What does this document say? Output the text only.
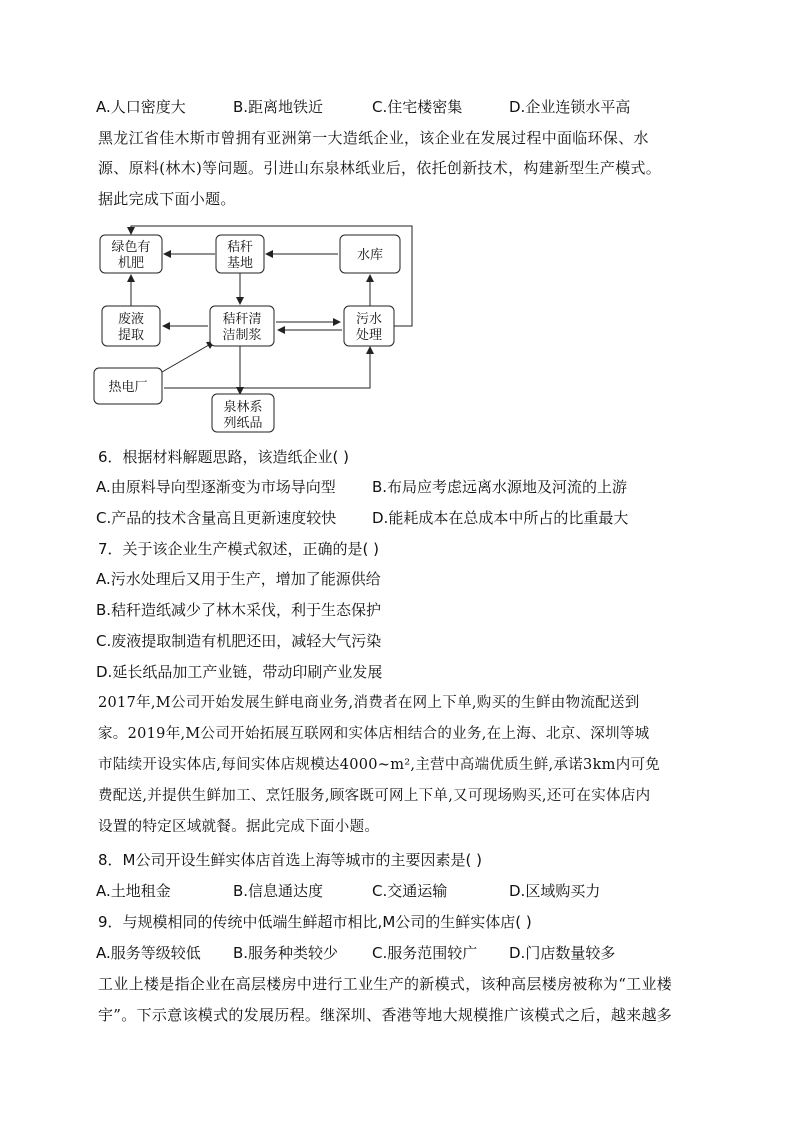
A.人口密度大	B.距离地铁近	C.住宅楼密集	D.企业连锁水平高
黑龙江省佳木斯市曾拥有亚洲第一大造纸企业，该企业在发展过程中面临环保、水
源、原料(林木)等问题。引进山东泉林纸业后，依托创新技术，构建新型生产模式。
据此完成下面小题。
绿色有
机肥
秸秆
基地
水库
废液
提取
秸秆清
洁制浆
污水
处理
热电厂
泉林系
列纸品
6．根据材料解题思路，该造纸企业( )
A.由原料导向型逐渐变为市场导向型 B.布局应考虑远离水源地及河流的上游
C.产品的技术含量高且更新速度较快 D.能耗成本在总成本中所占的比重最大
7．关于该企业生产模式叙述，正确的是( )
A.污水处理后又用于生产，增加了能源供给
B.秸秆造纸减少了林木采伐，利于生态保护
C.废液提取制造有机肥还田，减轻大气污染
D.延长纸品加工产业链，带动印刷产业发展
2017年,M公司开始发展生鲜电商业务,消费者在网上下单,购买的生鲜由物流配送到
家。2019年,M公司开始拓展互联网和实体店相结合的业务,在上海、北京、深圳等城
市陆续开设实体店,每间实体店规模达4000~m²,主营中高端优质生鲜,承诺3km内可免
费配送,并提供生鲜加工、烹饪服务,顾客既可网上下单,又可现场购买,还可在实体店内
设置的特定区域就餐。据此完成下面小题。
8．M公司开设生鲜实体店首选上海等城市的主要因素是( )
A.土地租金	B.信息通达度	C.交通运输	D.区域购买力
9．与规模相同的传统中低端生鲜超市相比,M公司的生鲜实体店( )
A.服务等级较低 B.服务种类较少 C.服务范围较广 D.门店数量较多
工业上楼是指企业在高层楼房中进行工业生产的新模式，该种高层楼房被称为“工业楼
宇”。下示意该模式的发展历程。继深圳、香港等地大规模推广该模式之后，越来越多
